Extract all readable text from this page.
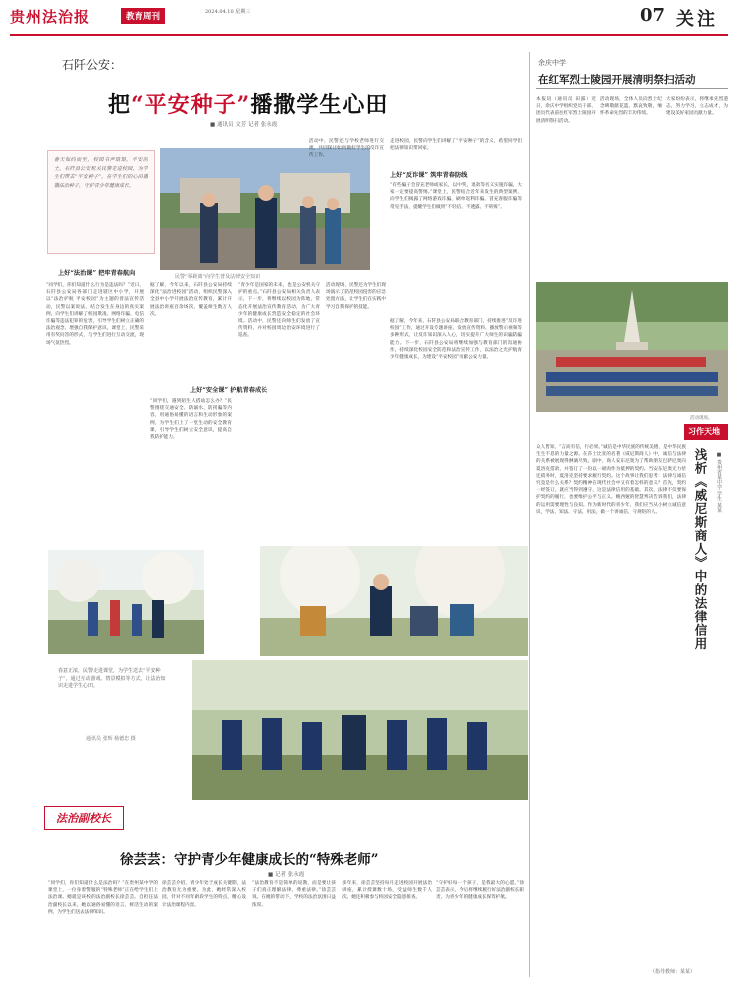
贵州法治报	教育周刊	2024.04.10 星期三	07 关注
石阡公安：
把“平安种子”播撒学生心田
■ 通讯员 文芳 记者 张永霞
春天如约而至，校园书声琅琅。平安的土，石阡县公安机关民警走进校园，为学生们带去“平安种子”，在学生们的心田播撒法治种子，守护青少年健康成长。
民警“零距离”向学生普及法律安全知识
上好“法治课” 把牢青春航向
上好“安全课” 护航青春成长
上好“反诈课” 筑牢青春防线
“同学们，你们知道什么行为是违法吗？”近日，石阡县公安局各部门走进辖区中小学，开展以“法治护航 平安校园”为主题的普法宣传活动，民警以案说法，结合发生在身边的真实案例，向学生们讲解了校园欺凌、网络诈骗、电信诈骗等违法犯罪的危害，引导学生们树立正确的法治观念，增强自我保护意识。课堂上，民警采用有奖问答的形式，与学生们进行互动交流，现场气氛热烈。
据了解，今年以来，石阡县公安局持续深化“法治进校园”活动，组织民警深入全县中小学开展法治宣传教育，累计开展法治讲座百余场次，覆盖师生数万人次。
“同学们，遇到陌生人搭讪怎么办？”民警围绕交通安全、防溺水、防拐骗等内容，用通俗易懂的语言和生动形象的案例，为学生们上了一堂生动的安全教育课，引导学生们树立安全意识，提高自我防护能力。
“青少年是国家的未来，也是公安机关守护的重点。”石阡县公安局相关负责人表示，下一步，将继续以校园为阵地，常态化开展法治宣传教育活动，为广大青少年的健康成长营造安全稳定的社会环境。活动中，民警还向师生们发放了宣传资料，并对校园周边治安环境进行了巡查。
活动现场，民警还为学生们现场演示了防范校园侵害的应急处置方法，让学生们在实践中学习自我保护的技能。
走进校园，民警向学生们讲解了“平安种子”的含义，希望同学们把法律知识带回家。
活动中，民警还与学校老师进行交流，共同探讨如何做好学生的反诈宣传工作。
“有些骗子会冒充老师或家长，以中奖、退款等名义实施诈骗，大家一定要提高警惕。”课堂上，民警结合近年来发生的典型案例，向学生们揭露了网络游戏诈骗、刷单返利诈骗、冒充客服诈骗等常见手法，提醒学生们做到“不轻信、不透露、不转账”。
据了解，今年来，石阡县公安局联合教育部门，持续推进“反诈进校园”工作，通过开设专题讲座、发放宣传资料、播放警示视频等多种形式，让反诈知识深入人心，切实提升广大师生的识骗防骗能力。下一步，石阡县公安局将继续加强与教育部门的沟通协作，持续深化校园安全防范和法治宣传工作，以法治之光护航青少年健康成长，为建设“平安校园”贡献公安力量。
春意正浓，民警走进课堂，为学生送去“平安种子”，通过互动游戏、情景模拟等方式，让法治知识走进学生心田。
通讯员 张辉 杨德忠 摄
法治副校长
徐芸芸：守护青少年健康成长的“特殊老师”
■ 记者 张永霞
“同学们，你们知道什么是法治吗？”在贵州某中学的课堂上，一位身着警服的“特殊老师”正在给学生们上法治课。她就是该校的法治副校长徐芸芸。自担任法治副校长以来，她以通俗易懂的语言、鲜活生动的案例，为学生们送去法律知识。
徐芸芸介绍，青少年处于成长关键期，法治教育尤为重要。为此，她经常深入校园，针对不同年龄段学生的特点，精心设计法治课程内容。
“法治教育不是简单的说教，而是要让孩子们真正理解法律、尊重法律。”徐芸芸说。在她的带动下，学校的法治氛围日益浓厚。
多年来，徐芸芸坚持每月走进校园开展法治讲座，累计授课数十场，受益师生数千人次。她还积极参与校园安全隐患排查。
“守护好每一个孩子，是我最大的心愿。”徐芸芸表示，今后将继续履行好法治副校长职责，为青少年的健康成长保驾护航。
余庆中学
在红军烈士陵园开展清明祭扫活动
本报讯（通讯员 田露）近日，余庆中学组织党员干部、团员代表前往红军烈士陵园开展清明祭扫活动。
活动现场，全体人员向烈士纪念碑敬献花篮，默哀致敬，缅怀革命先烈的丰功伟绩。
大家纷纷表示，将继承先烈遗志，努力学习，立志成才，为建设美好家园贡献力量。
活动现场。
习作天地
浅析《威尼斯商人》中的法律信用	■ 贵州省某中学 学生 某某
众人皆知，“言而有信，行必果。”诚信是中华民族的传统美德，是中华民族生生不息的力量之源。在莎士比亚的名著《威尼斯商人》中，诚信与法律的关系被展现得淋漓尽致。剧中，商人安东尼奥为了帮助朋友巴萨尼奥向夏洛克借款，并签订了一份以一磅肉作为抵押的契约。当安东尼奥无力偿还债务时，夏洛克坚持要求履行契约。这个故事让我们思考：法律与诚信究竟是什么关系？契约精神在现代社会中又有着怎样的意义？首先，契约一经签订，就应当得到遵守，这是法律信用的基础。其次，法律不仅要保护契约的履行，也要维护公平与正义。鲍西娅的智慧判决告诉我们，法律的运用需要理性与良知。作为新时代的青少年，我们应当从小树立诚信意识，学法、知法、守法、用法，做一个讲诚信、守规矩的人。
（指导教师：某某）
